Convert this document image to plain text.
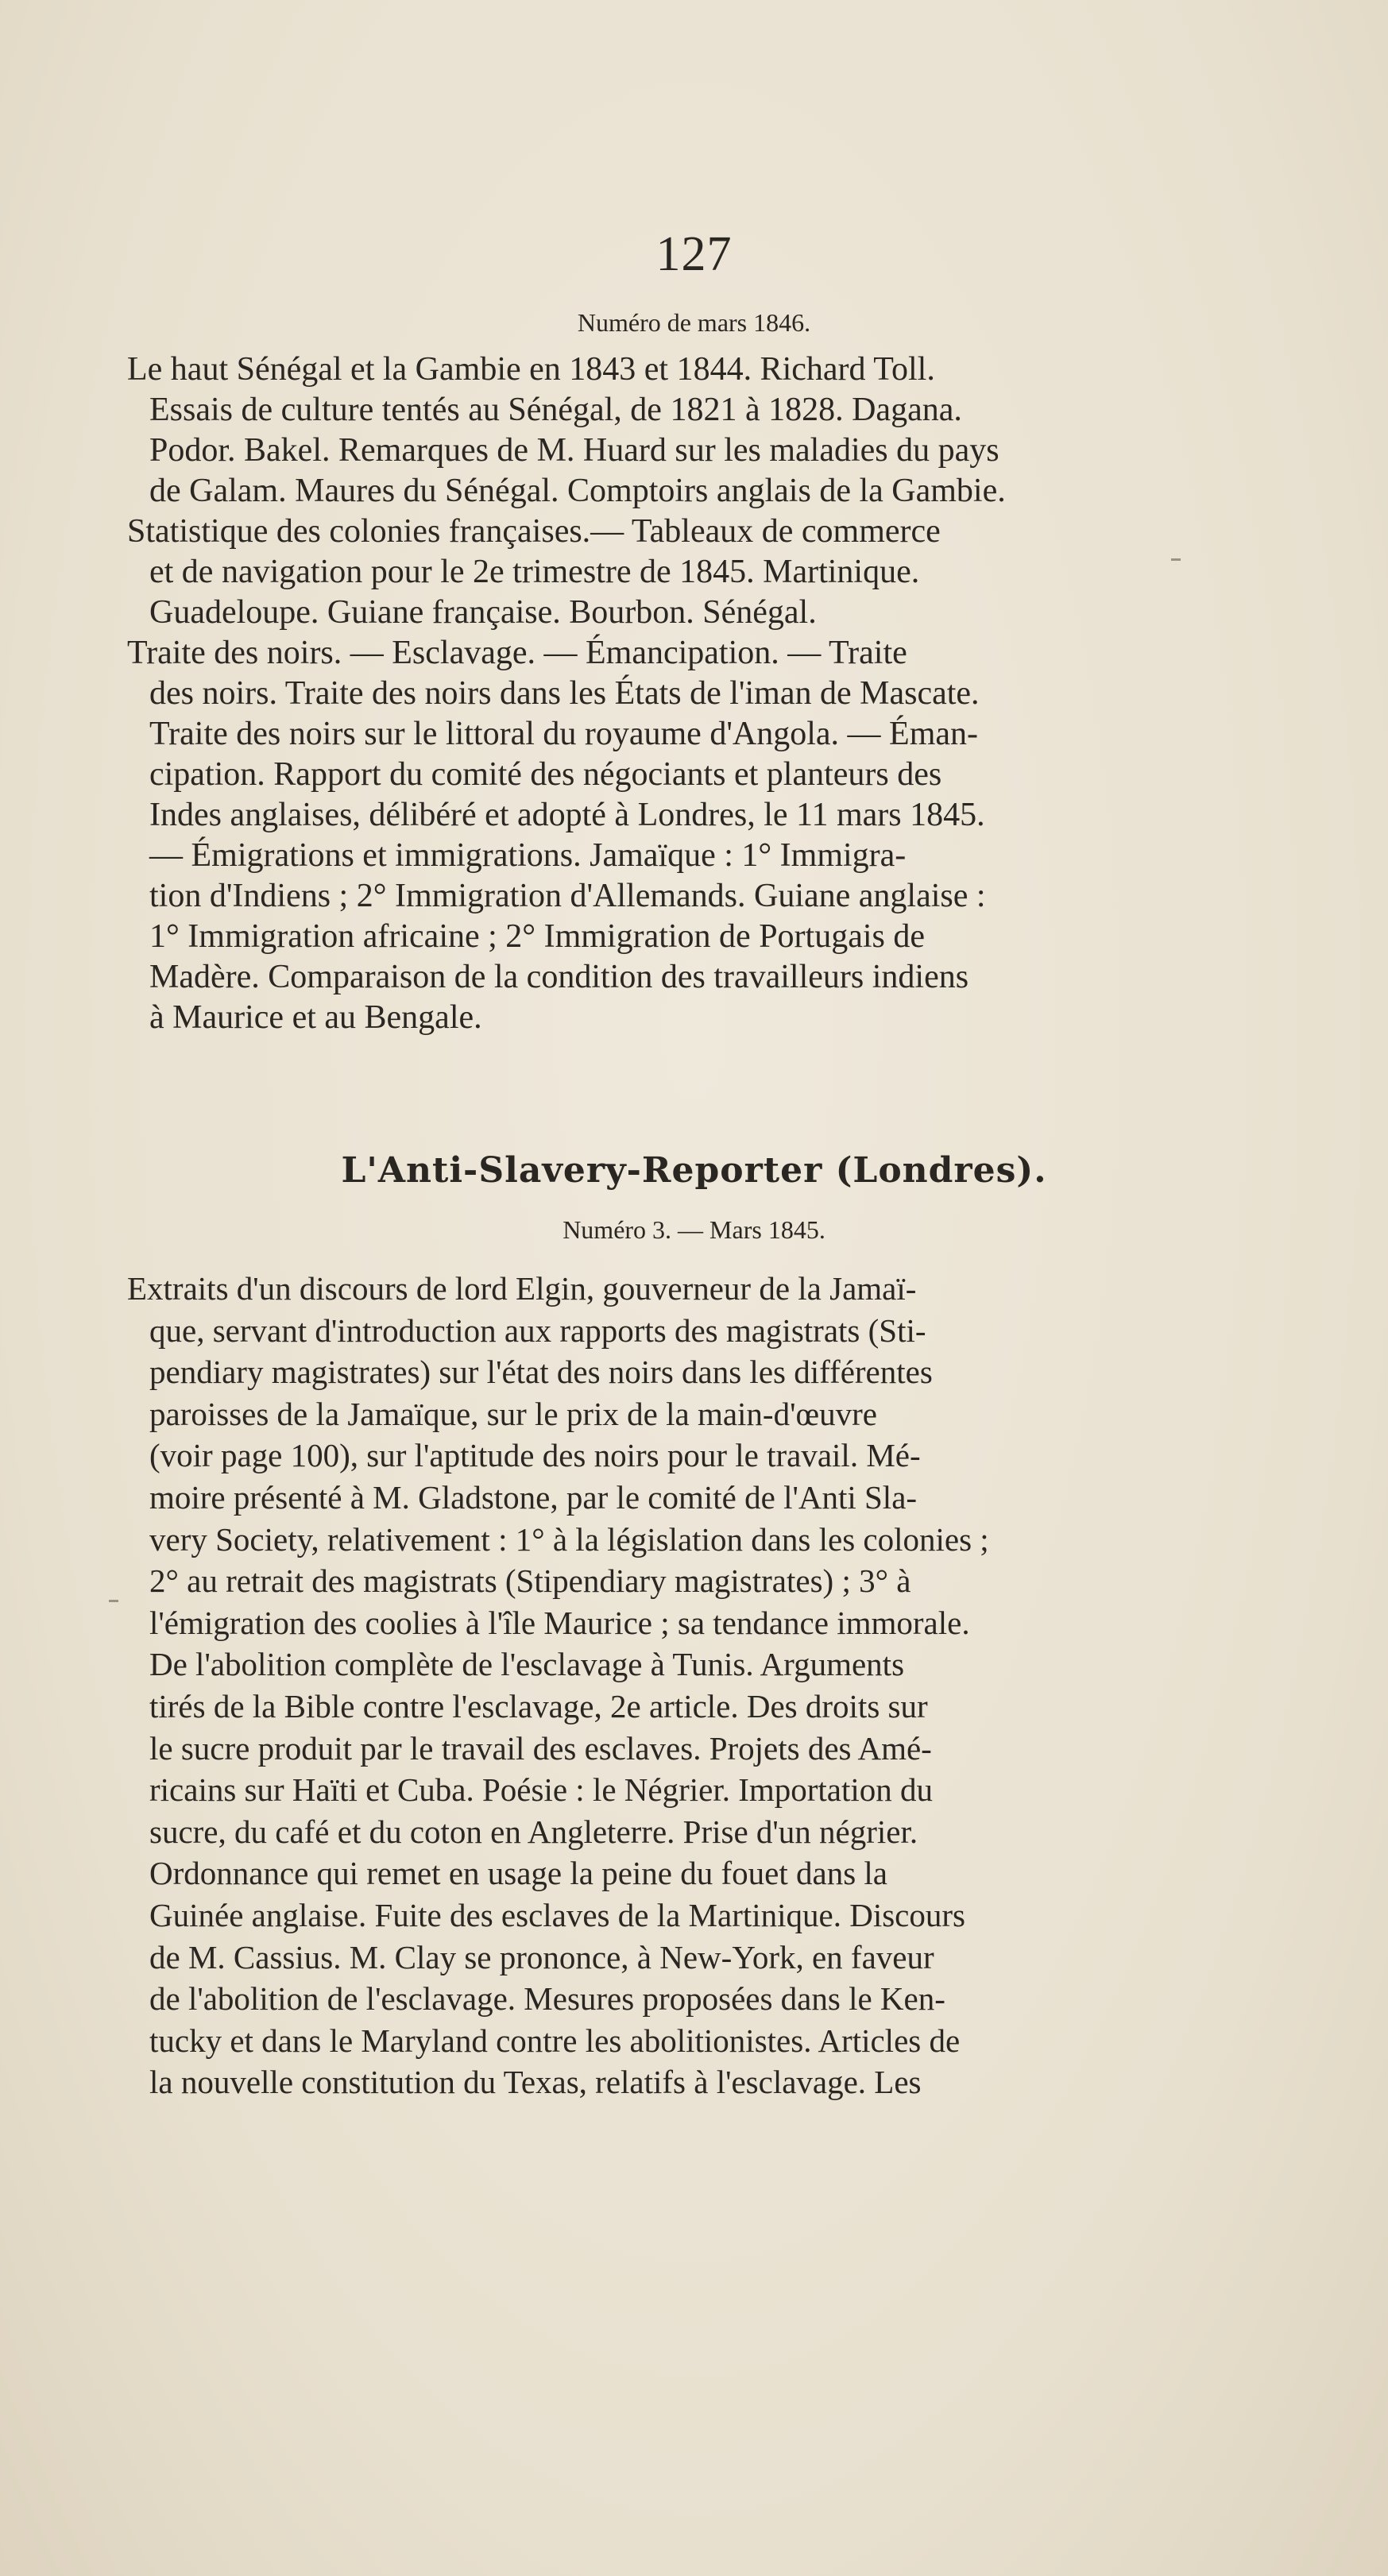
127
Numéro de mars 1846.
Le haut Sénégal et la Gambie en 1843 et 1844. Richard Toll.
Essais de culture tentés au Sénégal, de 1821 à 1828. Dagana.
Podor. Bakel. Remarques de M. Huard sur les maladies du pays
de Galam. Maures du Sénégal. Comptoirs anglais de la Gambie.
Statistique des colonies françaises.— Tableaux de commerce
et de navigation pour le 2e trimestre de 1845. Martinique.
Guadeloupe. Guiane française. Bourbon. Sénégal.
Traite des noirs. — Esclavage. — Émancipation. — Traite
des noirs. Traite des noirs dans les États de l'iman de Mascate.
Traite des noirs sur le littoral du royaume d'Angola. — Éman-
cipation. Rapport du comité des négociants et planteurs des
Indes anglaises, délibéré et adopté à Londres, le 11 mars 1845.
— Émigrations et immigrations. Jamaïque : 1° Immigra-
tion d'Indiens ; 2° Immigration d'Allemands. Guiane anglaise :
1° Immigration africaine ; 2° Immigration de Portugais de
Madère. Comparaison de la condition des travailleurs indiens
à Maurice et au Bengale.
L'Anti-Slavery-Reporter (Londres).
Numéro 3. — Mars 1845.
Extraits d'un discours de lord Elgin, gouverneur de la Jamaï-
que, servant d'introduction aux rapports des magistrats (Sti-
pendiary magistrates) sur l'état des noirs dans les différentes
paroisses de la Jamaïque, sur le prix de la main-d'œuvre
(voir page 100), sur l'aptitude des noirs pour le travail. Mé-
moire présenté à M. Gladstone, par le comité de l'Anti Sla-
very Society, relativement : 1° à la législation dans les colonies ;
2° au retrait des magistrats (Stipendiary magistrates) ; 3° à
l'émigration des coolies à l'île Maurice ; sa tendance immorale.
De l'abolition complète de l'esclavage à Tunis. Arguments
tirés de la Bible contre l'esclavage, 2e article. Des droits sur
le sucre produit par le travail des esclaves. Projets des Amé-
ricains sur Haïti et Cuba. Poésie : le Négrier. Importation du
sucre, du café et du coton en Angleterre. Prise d'un négrier.
Ordonnance qui remet en usage la peine du fouet dans la
Guinée anglaise. Fuite des esclaves de la Martinique. Discours
de M. Cassius. M. Clay se prononce, à New-York, en faveur
de l'abolition de l'esclavage. Mesures proposées dans le Ken-
tucky et dans le Maryland contre les abolitionistes. Articles de
la nouvelle constitution du Texas, relatifs à l'esclavage. Les
